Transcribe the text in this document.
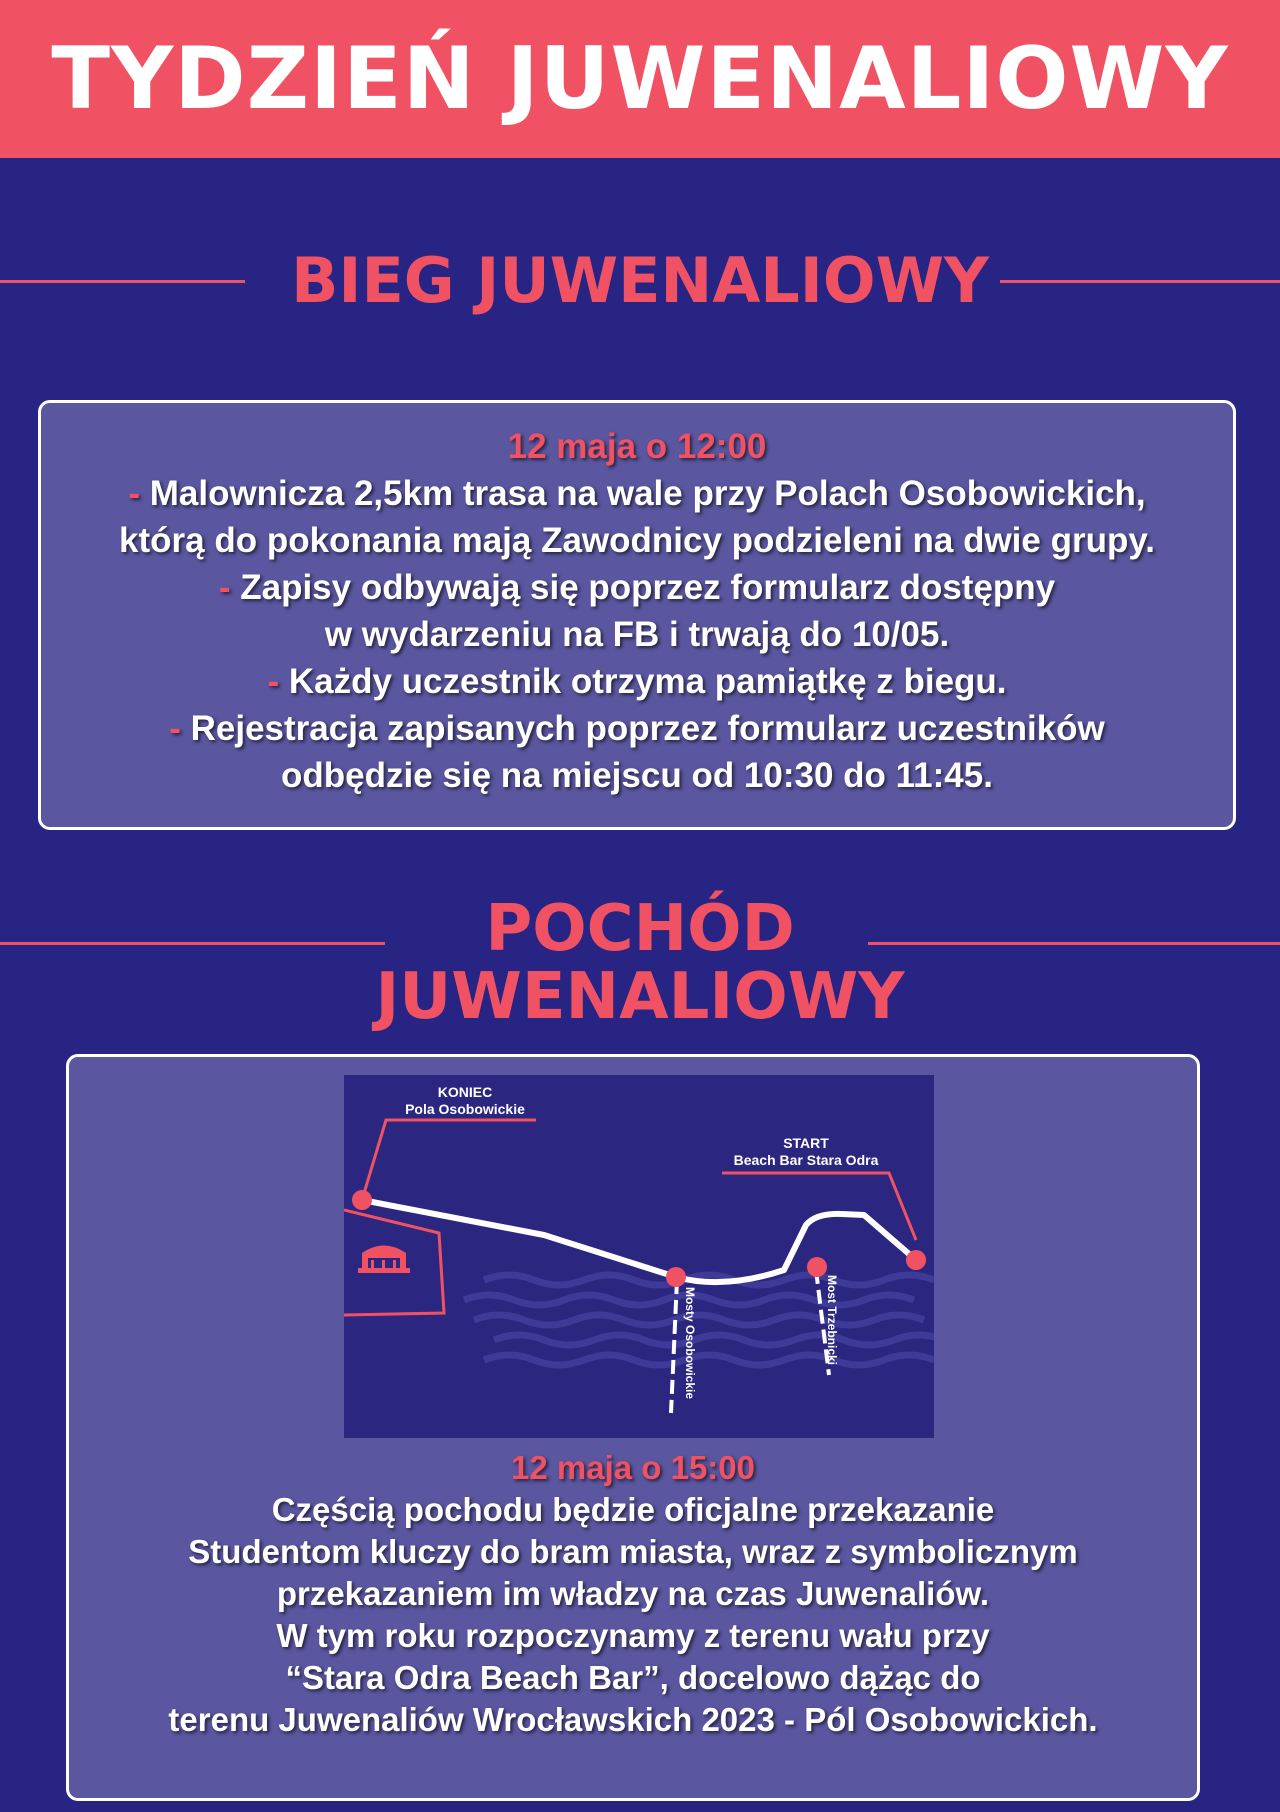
TYDZIEŃ JUWENALIOWY
BIEG JUWENALIOWY

12 maja o 12:00

- Malownicza 2,5km trasa na wale przy Polach Osobowickich,

którą do pokonania mają Zawodnicy podzieleni na dwie grupy.

- Zapisy odbywają się poprzez formularz dostępny

w wydarzeniu na FB i trwają do 10/05.

- Każdy uczestnik otrzyma pamiątkę z biegu.

- Rejestracja zapisanych poprzez formularz uczestników

odbędzie się na miejscu od 10:30 do 11:45.

POCHÓD
JUWENALIOWY
KONIEC
Pola Osobowickie
START
Beach Bar Stara Odra
Mosty Osobowickie	Most Trzebnicki

12 maja o 15:00

Częścią pochodu będzie oficjalne przekazanie

Studentom kluczy do bram miasta, wraz z symbolicznym

przekazaniem im władzy na czas Juwenaliów.

W tym roku rozpoczynamy z terenu wału przy

“Stara Odra Beach Bar”, docelowo dążąc do

terenu Juwenaliów Wrocławskich 2023 - Pól Osobowickich.
